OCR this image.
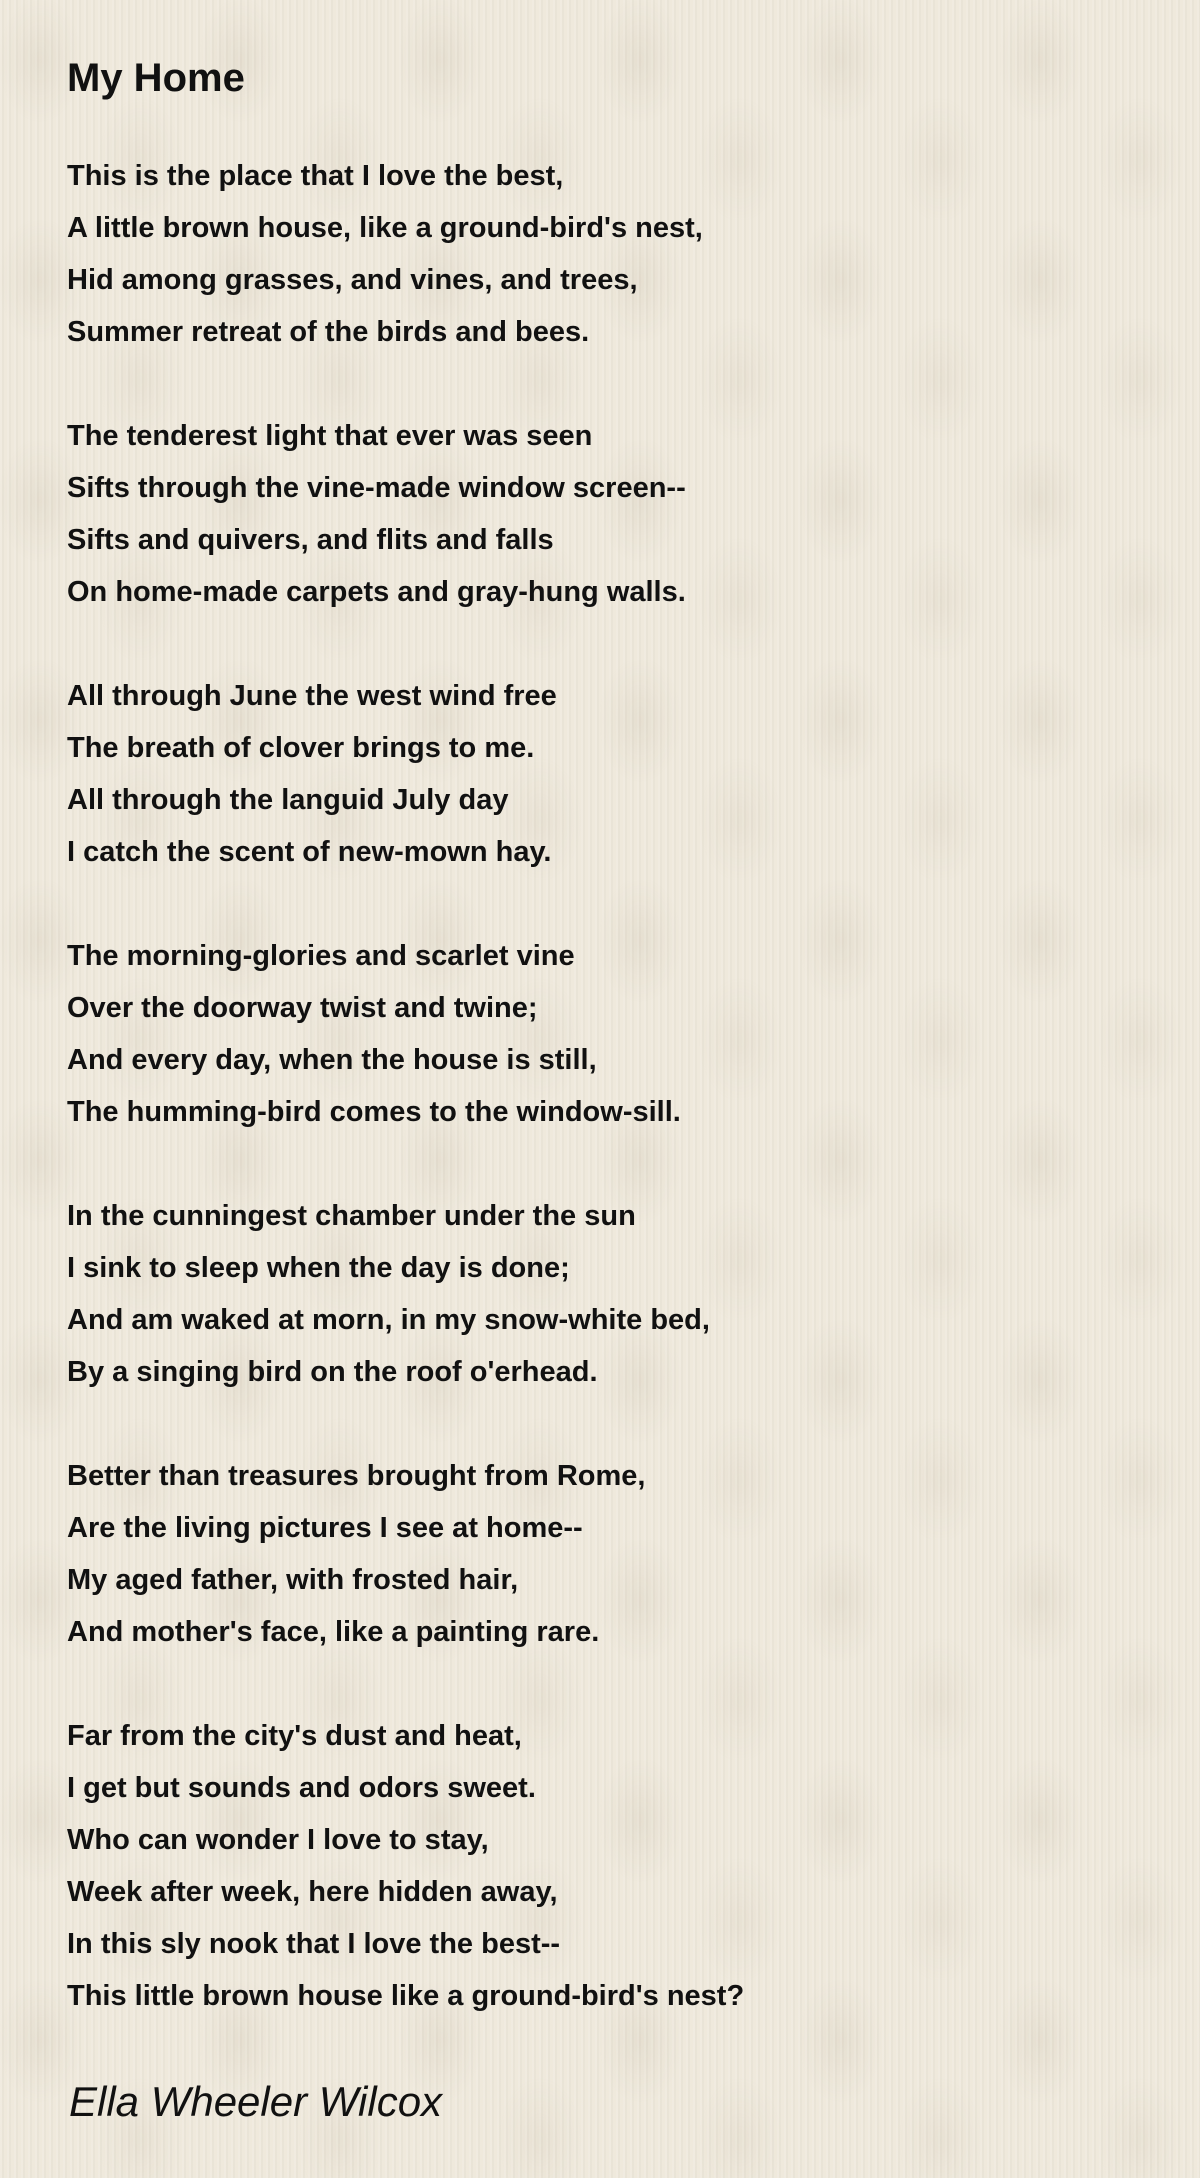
My Home
This is the place that I love the best,
A little brown house, like a ground-bird's nest,
Hid among grasses, and vines, and trees,
Summer retreat of the birds and bees.
The tenderest light that ever was seen
Sifts through the vine-made window screen--
Sifts and quivers, and flits and falls
On home-made carpets and gray-hung walls.
All through June the west wind free
The breath of clover brings to me.
All through the languid July day
I catch the scent of new-mown hay.
The morning-glories and scarlet vine
Over the doorway twist and twine;
And every day, when the house is still,
The humming-bird comes to the window-sill.
In the cunningest chamber under the sun
I sink to sleep when the day is done;
And am waked at morn, in my snow-white bed,
By a singing bird on the roof o'erhead.
Better than treasures brought from Rome,
Are the living pictures I see at home--
My aged father, with frosted hair,
And mother's face, like a painting rare.
Far from the city's dust and heat,
I get but sounds and odors sweet.
Who can wonder I love to stay,
Week after week, here hidden away,
In this sly nook that I love the best--
This little brown house like a ground-bird's nest?
Ella Wheeler Wilcox
